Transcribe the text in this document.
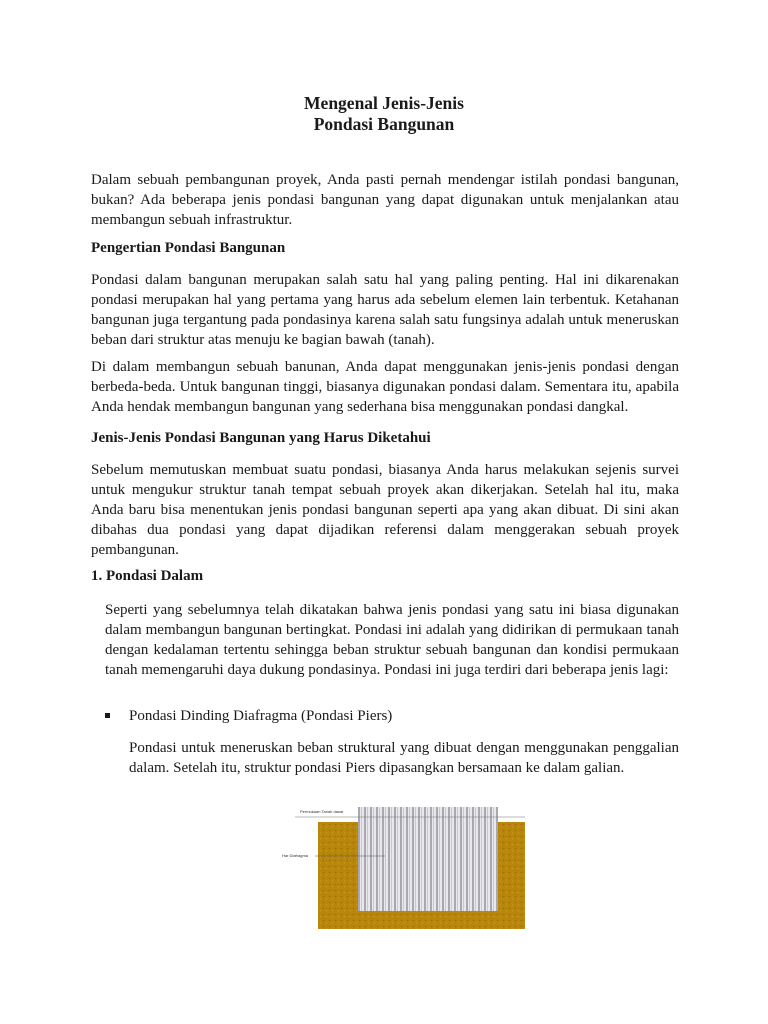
Mengenal Jenis-Jenis
Pondasi Bangunan

Dalam sebuah pembangunan proyek, Anda pasti pernah mendengar istilah pondasi bangunan, bukan? Ada beberapa jenis pondasi bangunan yang dapat digunakan untuk menjalankan atau membangun sebuah infrastruktur.

Pengertian Pondasi Bangunan

Pondasi dalam bangunan merupakan salah satu hal yang paling penting. Hal ini dikarenakan pondasi merupakan hal yang pertama yang harus ada sebelum elemen lain terbentuk. Ketahanan bangunan juga tergantung pada pondasinya karena salah satu fungsinya adalah untuk meneruskan beban dari struktur atas menuju ke bagian bawah (tanah).

Di dalam membangun sebuah banunan, Anda dapat menggunakan jenis-jenis pondasi dengan berbeda-beda. Untuk bangunan tinggi, biasanya digunakan pondasi dalam. Sementara itu, apabila Anda hendak membangun bangunan yang sederhana bisa menggunakan pondasi dangkal.

Jenis-Jenis Pondasi Bangunan yang Harus Diketahui

Sebelum memutuskan membuat suatu pondasi, biasanya Anda harus melakukan sejenis survei untuk mengukur struktur tanah tempat sebuah proyek akan dikerjakan. Setelah hal itu, maka Anda baru bisa menentukan jenis pondasi bangunan seperti apa yang akan dibuat. Di sini akan dibahas dua pondasi yang dapat dijadikan referensi dalam menggerakan sebuah proyek pembangunan.

1. Pondasi Dalam

Seperti yang sebelumnya telah dikatakan bahwa jenis pondasi yang satu ini biasa digunakan dalam membangun bangunan bertingkat. Pondasi ini adalah yang didirikan di permukaan tanah dengan kedalaman tertentu sehingga beban struktur sebuah bangunan dan kondisi permukaan tanah memengaruhi daya dukung pondasinya. Pondasi ini juga terdiri dari beberapa jenis lagi:

Pondasi Dinding Diafragma (Pondasi Piers)

Pondasi untuk meneruskan beban struktural yang dibuat dengan menggunakan penggalian dalam. Setelah itu, struktur pondasi Piers dipasangkan bersamaan ke dalam galian.

Permukaan Tanah dasar
Har Diafragma
